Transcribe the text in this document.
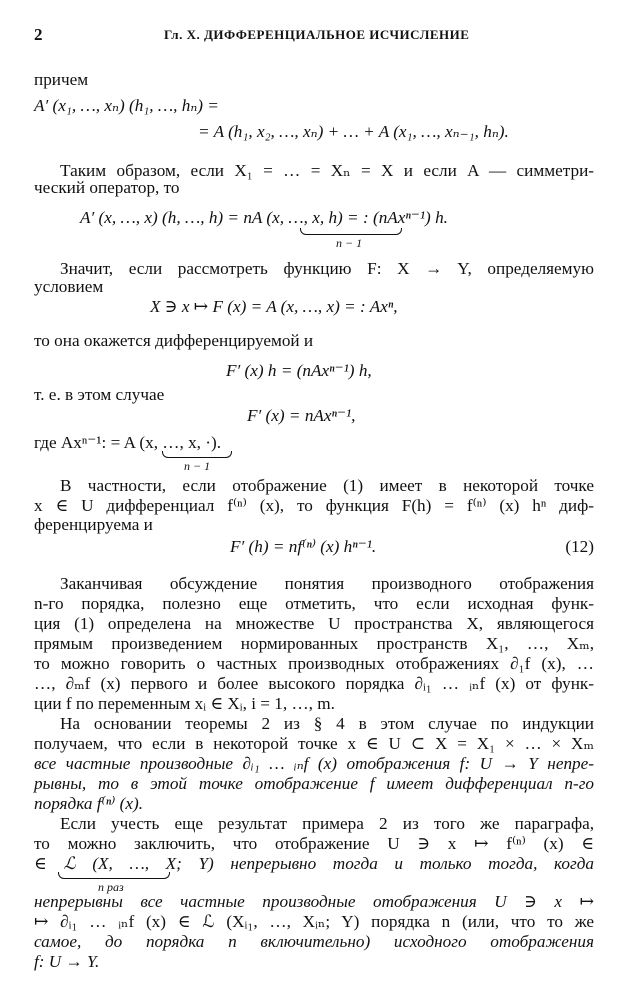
2	Гл. X. ДИФФЕРЕНЦИАЛЬНОЕ ИСЧИСЛЕНИЕ
причем
A′ (x₁, …, xₙ) (h₁, …, hₙ) =
= A (h₁, x₂, …, xₙ) + … + A (x₁, …, xₙ₋₁, hₙ).
Таким образом, если X₁ = … = Xₙ = X и если A — симметри-
ческий оператор, то
A′ (x, …, x) (h, …, h) = nA (x, …, x, h) = : (nAxⁿ⁻¹) h.
n − 1
Значит, если рассмотреть функцию F: X → Y, определяемую
условием
X ∋ x ↦ F (x) = A (x, …, x) = : Axⁿ,
то она окажется дифференцируемой и
F′ (x) h = (nAxⁿ⁻¹) h,
т. е. в этом случае
F′ (x) = nAxⁿ⁻¹,
где Axⁿ⁻¹: = A (x, …, x, ·).
n − 1
В частности, если отображение (1) имеет в некоторой точке
x ∈ U дифференциал f⁽ⁿ⁾ (x), то функция F(h) = f⁽ⁿ⁾ (x) hⁿ диф-
ференцируема и
F′ (h) = nf⁽ⁿ⁾ (x) hⁿ⁻¹.	(12)
Заканчивая обсуждение понятия производного отображения
n-го порядка, полезно еще отметить, что если исходная функ-
ция (1) определена на множестве U пространства X, являющегося
прямым произведением нормированных пространств X₁, …, Xₘ,
то можно говорить о частных производных отображениях ∂₁f (x), …
…, ∂ₘf (x) первого и более высокого порядка ∂ᵢ₁ … ᵢₙf (x) от функ-
ции f по переменным xᵢ ∈ Xᵢ, i = 1, …, m.
На основании теоремы 2 из § 4 в этом случае по индукции
получаем, что если в некоторой точке x ∈ U ⊂ X = X₁ × … × Xₘ
все частные производные ∂ᵢ₁ … ᵢₙf (x) отображения f: U → Y непре-
рывны, то в этой точке отображение f имеет дифференциал n-го
порядка f⁽ⁿ⁾ (x).
Если учесть еще результат примера 2 из того же параграфа,
то можно заключить, что отображение U ∋ x ↦ f⁽ⁿ⁾ (x) ∈
∈ ℒ (X, …, X; Y) непрерывно тогда и только тогда, когда
n раз
непрерывны все частные производные отображения U ∋ x ↦
↦ ∂ᵢ₁ … ᵢₙf (x) ∈ ℒ (Xᵢ₁, …, Xᵢₙ; Y) порядка n (или, что то же
самое, до порядка n включительно) исходного отображения
f: U → Y.
